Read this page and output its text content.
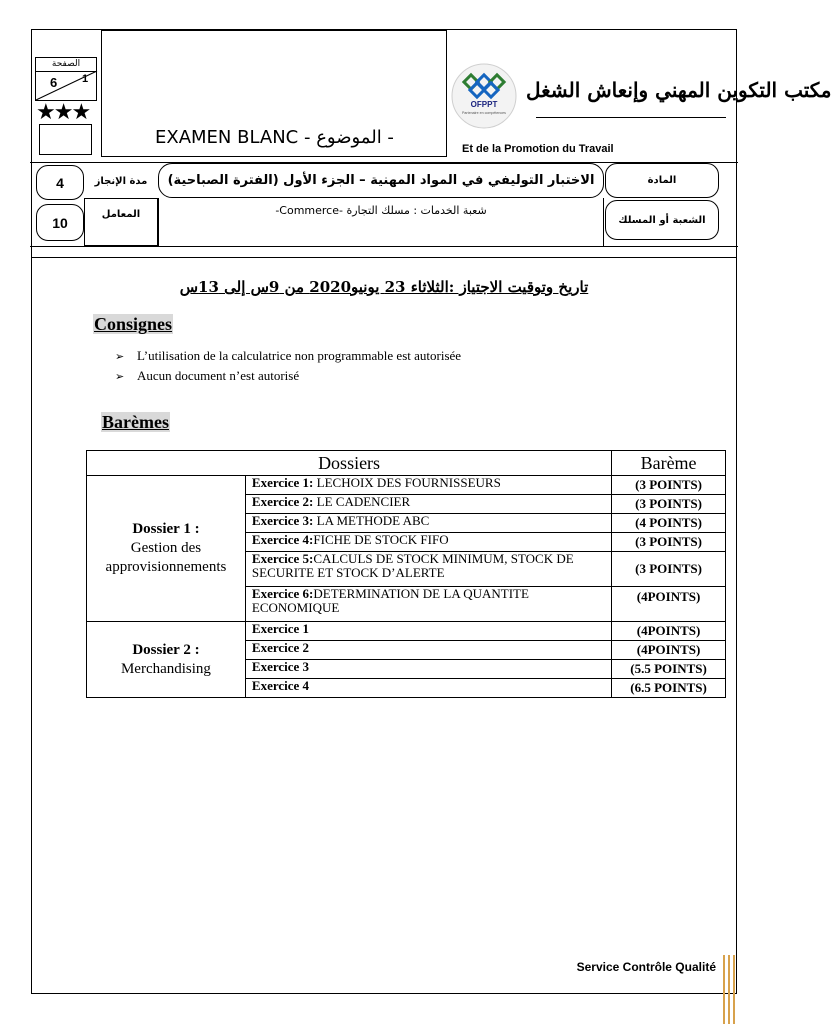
الصفحة
6 1
★★★
EXAMEN BLANC - الموضوع -
OFPPT
Partenaire en compétences
مكتب التكوين المهني وإنعاش الشغل
Et de la Promotion du Travail
4
10
مدة الإنجاز
المعامل
الاختبار التوليفي في المواد المهنية – الجزء الأول (الفترة الصباحية)
شعبة الخدمات : مسلك التجارة -Commerce-
المادة
الشعبة أو المسلك
تاريخ وتوقيت الاجتياز :الثلاثاء 23 يونيو2020 من 9س إلى 13س
Consignes
➢ L’utilisation de la calculatrice non programmable est autorisée
➢ Aucun document n’est autorisé
Barèmes
Dossiers		Barème
Dossier 1 :
Gestion des approvisionnements	Exercice 1: LECHOIX DES FOURNISSEURS	(3 POINTS)
	Exercice 2: LE CADENCIER	(3 POINTS)
	Exercice 3: LA METHODE ABC	(4 POINTS)
	Exercice 4:FICHE DE STOCK FIFO	(3 POINTS)
	Exercice 5:CALCULS DE STOCK MINIMUM, STOCK DE SECURITE ET STOCK D’ALERTE	(3 POINTS)
	Exercice 6:DETERMINATION DE LA QUANTITE ECONOMIQUE	(4POINTS)
Dossier 2 :
Merchandising	Exercice 1	(4POINTS)
	Exercice 2	(4POINTS)
	Exercice 3	(5.5 POINTS)
	Exercice 4	(6.5 POINTS)
Service Contrôle Qualité
